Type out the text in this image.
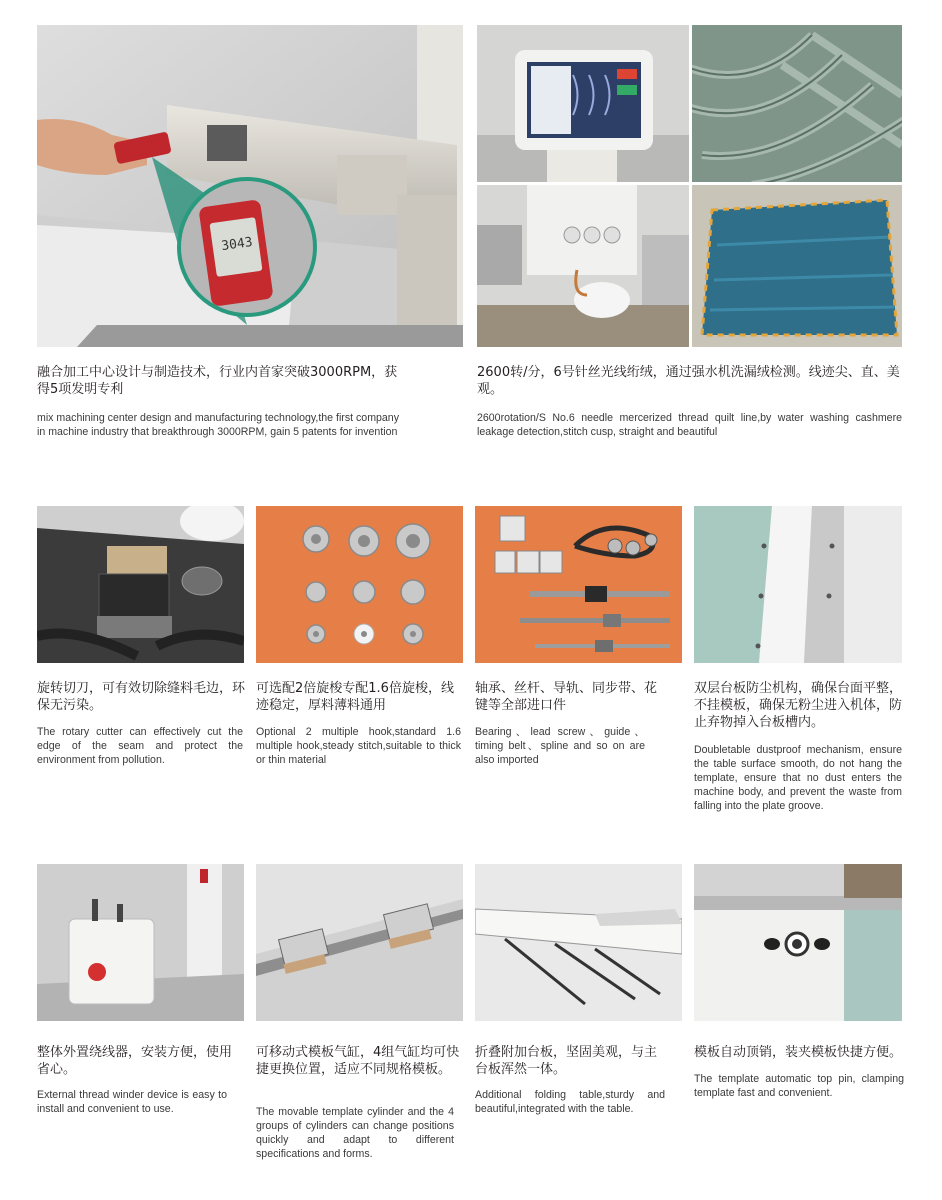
3043
融合加工中心设计与制造技术，行业内首家突破3000RPM，获得5项发明专利
mix machining center design and manufacturing technology,the first company in machine industry that breakthrough 3000RPM, gain 5 patents for invention
2600转/分，6号针丝光线绗绒，通过强水机洗漏绒检测。线迹尖、直、美观。
2600rotation/S No.6 needle mercerized thread quilt line,by water washing cashmere leakage detection,stitch cusp, straight and beautiful
旋转切刀，可有效切除缝料毛边，环保无污染。
The rotary cutter can effectively cut the edge of the seam and protect the environment from pollution.
可选配2倍旋梭专配1.6倍旋梭，线迹稳定，厚料薄料通用
Optional 2 multiple hook,standard 1.6 multiple hook,steady stitch,suitable to thick or thin material
轴承、丝杆、导轨、同步带、花键等全部进口件
Bearing、lead screw、guide、timing belt、spline and so on are also imported
双层台板防尘机构，确保台面平整，不挂模板，确保无粉尘进入机体，防止弃物掉入台板槽内。
Doubletable dustproof mechanism, ensure the table surface smooth, do not hang the template, ensure that no dust enters the machine body, and prevent the waste from falling into the plate groove.
整体外置绕线器，安装方便，使用省心。
External thread winder device is easy to install and convenient to use.
可移动式模板气缸，4组气缸均可快捷更换位置，适应不同规格模板。
The movable template cylinder and the 4 groups of cylinders can change positions quickly and adapt to different specifications and forms.
折叠附加台板，坚固美观，与主台板浑然一体。
Additional folding table,sturdy and beautiful,integrated with the table.
模板自动顶销，装夹模板快捷方便。
The template automatic top pin, clamping template fast and convenient.
